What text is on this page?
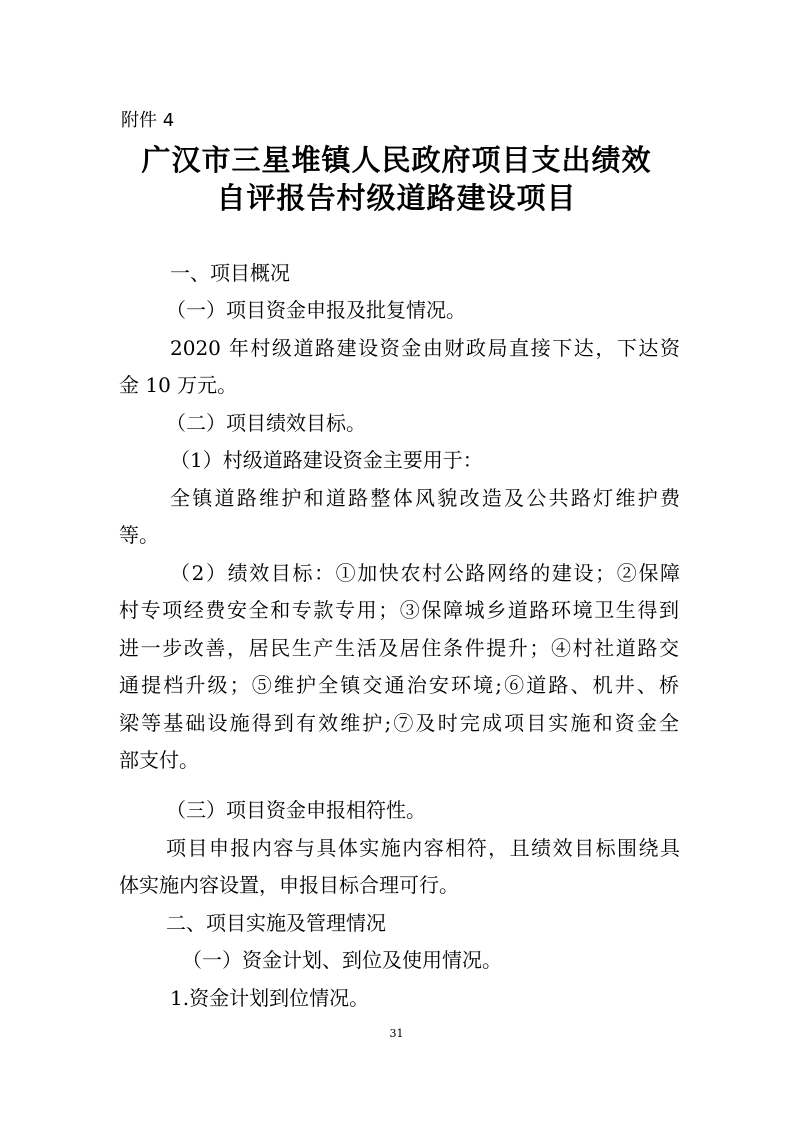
附件 4
广汉市三星堆镇人民政府项目支出绩效
自评报告村级道路建设项目
一、项目概况
（一）项目资金申报及批复情况。
2020 年村级道路建设资金由财政局直接下达，下达资
金 10 万元。
（二）项目绩效目标。
（1）村级道路建设资金主要用于：
全镇道路维护和道路整体风貌改造及公共路灯维护费
等。
（2）绩效目标：①加快农村公路网络的建设；②保障
村专项经费安全和专款专用；③保障城乡道路环境卫生得到
进一步改善，居民生产生活及居住条件提升；④村社道路交
通提档升级；⑤维护全镇交通治安环境;⑥道路、机井、桥
梁等基础设施得到有效维护;⑦及时完成项目实施和资金全
部支付。
（三）项目资金申报相符性。
项目申报内容与具体实施内容相符，且绩效目标围绕具
体实施内容设置，申报目标合理可行。
二、项目实施及管理情况
（一）资金计划、到位及使用情况。
1.资金计划到位情况。
31
